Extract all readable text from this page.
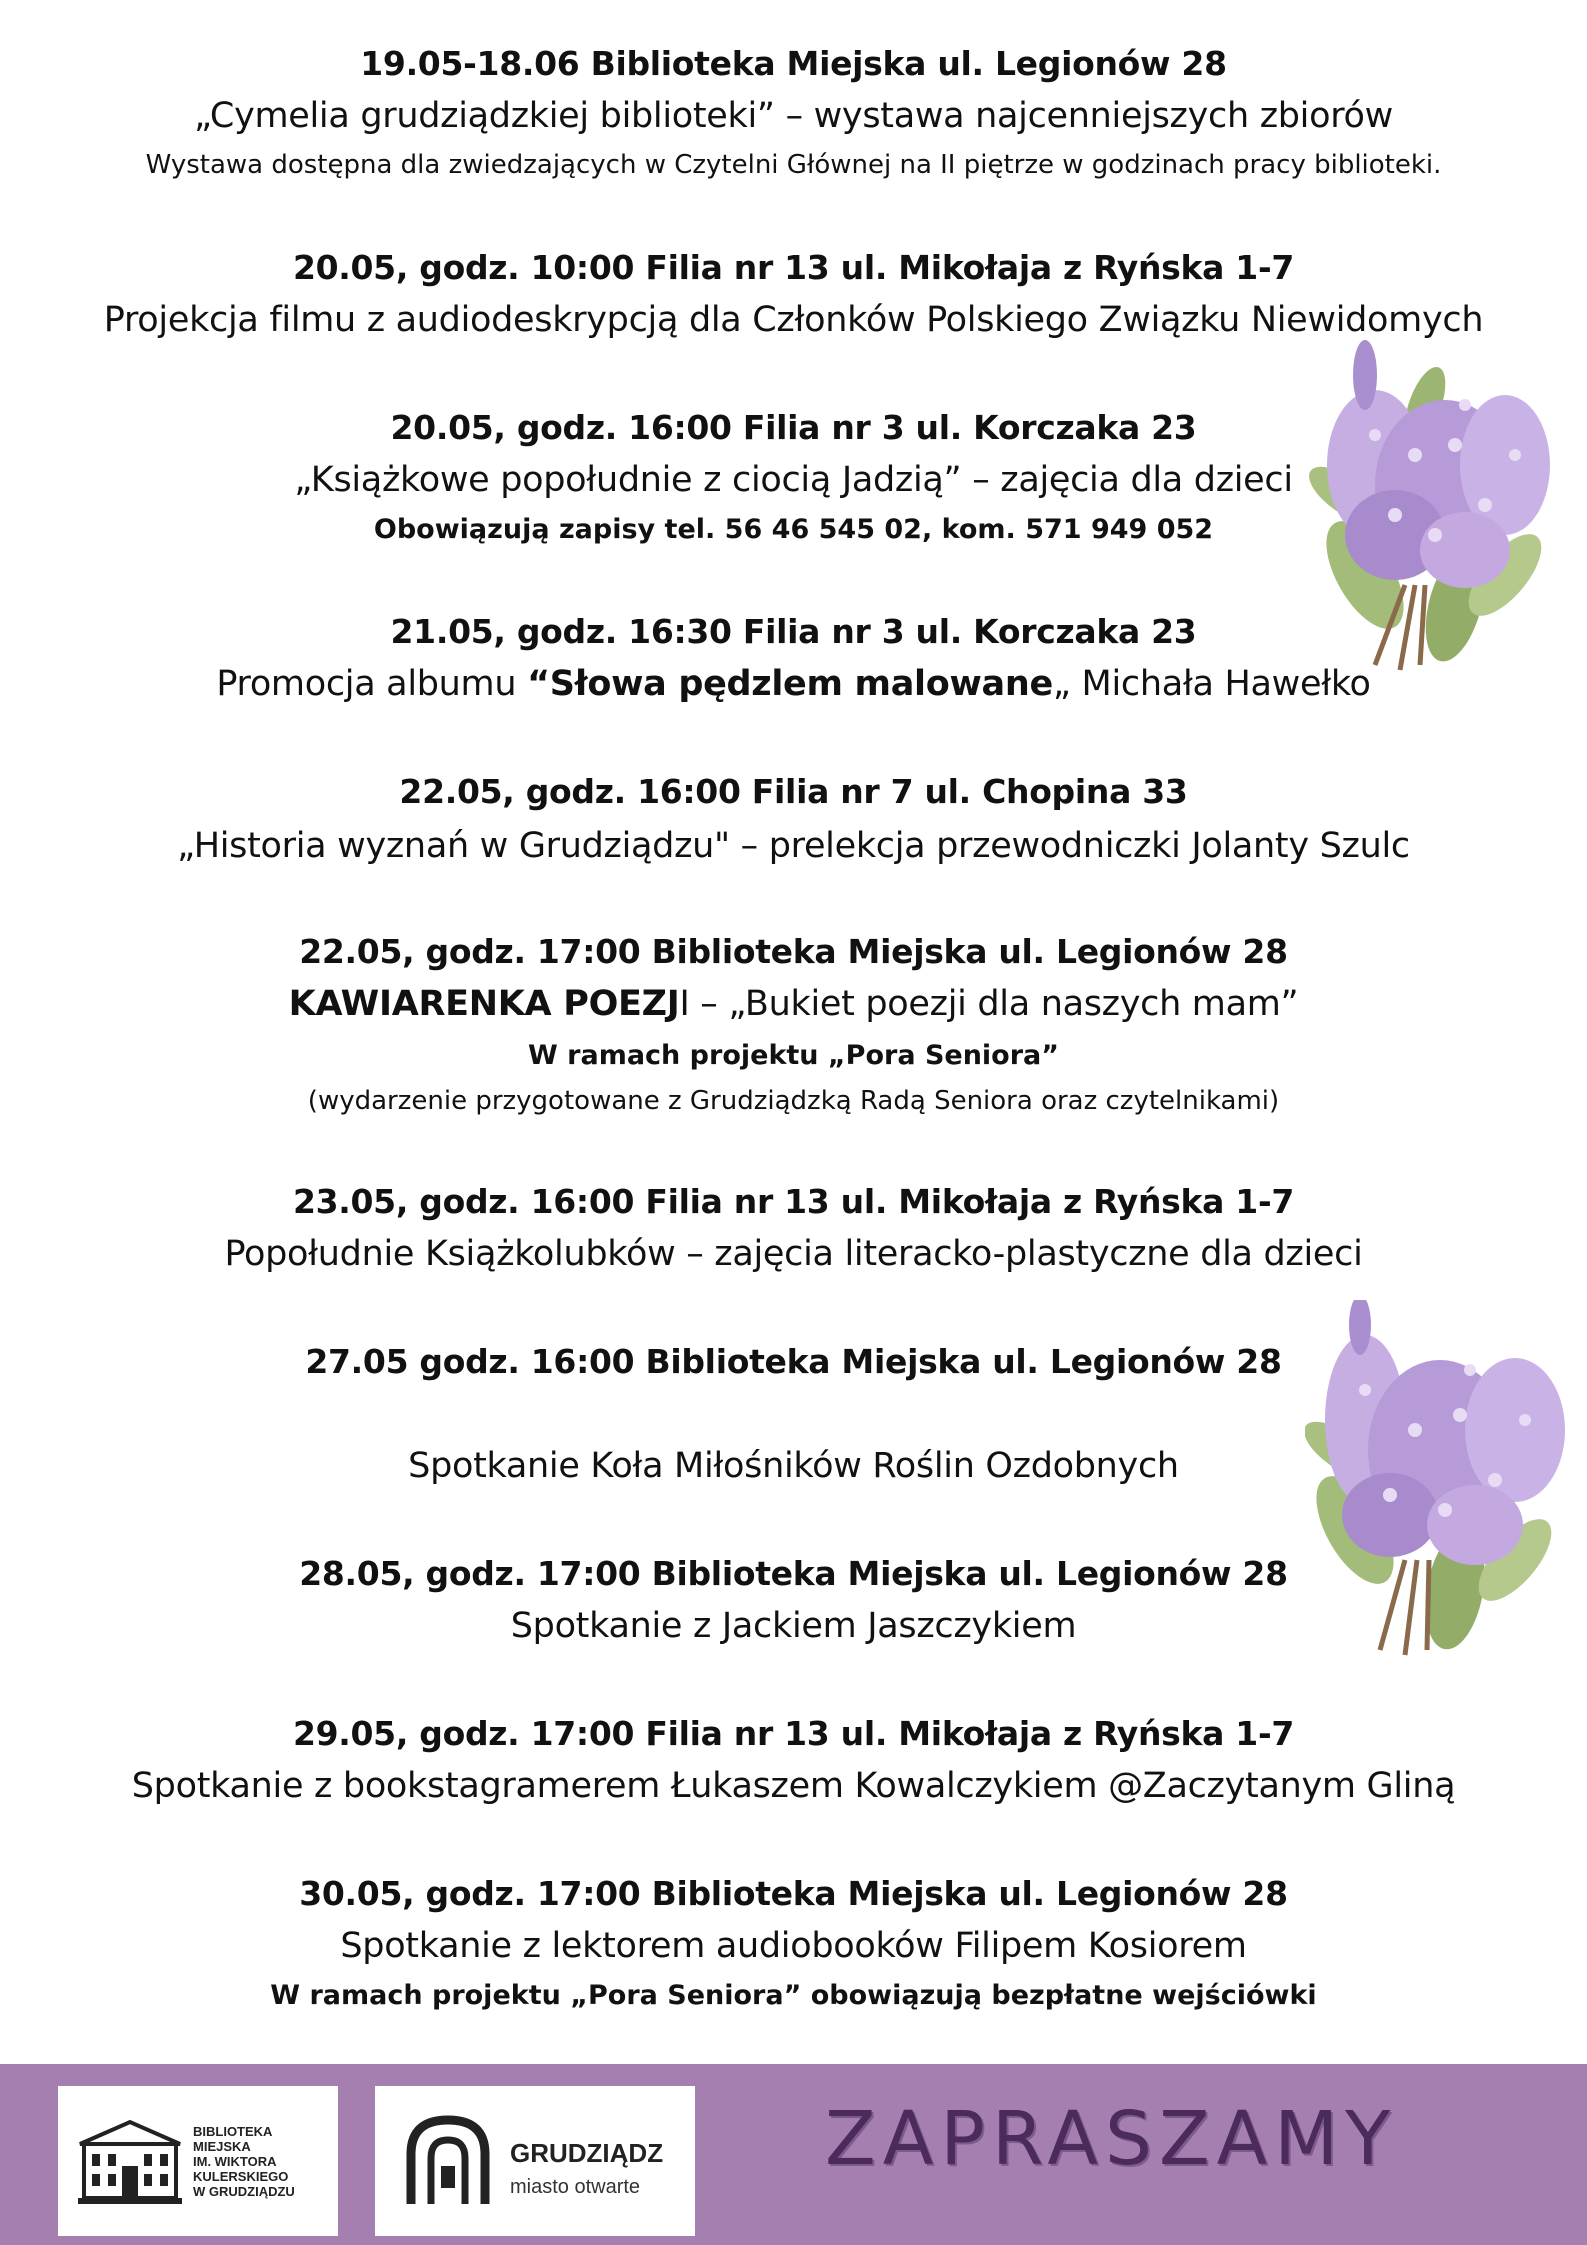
19.05-18.06 Biblioteka Miejska ul. Legionów 28
„Cymelia grudziądzkiej biblioteki” – wystawa najcenniejszych zbiorów
Wystawa dostępna dla zwiedzających w Czytelni Głównej na II piętrze w godzinach pracy biblioteki.
20.05, godz. 10:00 Filia nr 13 ul. Mikołaja z Ryńska 1-7
Projekcja filmu z audiodeskrypcją dla Członków Polskiego Związku Niewidomych
20.05, godz. 16:00 Filia nr 3 ul. Korczaka 23
„Książkowe popołudnie z ciocią Jadzią” – zajęcia dla dzieci
Obowiązują zapisy tel. 56 46 545 02, kom. 571 949 052
21.05, godz. 16:30 Filia nr 3 ul. Korczaka 23
Promocja albumu “Słowa pędzlem malowane„ Michała Hawełko
22.05, godz. 16:00 Filia nr 7 ul. Chopina 33
„Historia wyznań w Grudziądzu" – prelekcja przewodniczki Jolanty Szulc
22.05, godz. 17:00 Biblioteka Miejska ul. Legionów 28
KAWIARENKA POEZJI – „Bukiet poezji dla naszych mam”
W ramach projektu „Pora Seniora”
(wydarzenie przygotowane z Grudziądzką Radą Seniora oraz czytelnikami)
23.05, godz. 16:00 Filia nr 13 ul. Mikołaja z Ryńska 1-7
Popołudnie Książkolubków – zajęcia literacko-plastyczne dla dzieci
27.05 godz. 16:00 Biblioteka Miejska ul. Legionów 28
Spotkanie Koła Miłośników Roślin Ozdobnych
28.05, godz. 17:00 Biblioteka Miejska ul. Legionów 28
Spotkanie z Jackiem Jaszczykiem
29.05, godz. 17:00 Filia nr 13 ul. Mikołaja z Ryńska 1-7
Spotkanie z bookstagramerem Łukaszem Kowalczykiem @Zaczytanym Gliną
30.05, godz. 17:00 Biblioteka Miejska ul. Legionów 28
Spotkanie z lektorem audiobooków Filipem Kosiorem
W ramach projektu „Pora Seniora” obowiązują bezpłatne wejściówki
BIBLIOTEKA
MIEJSKA
IM. WIKTORA
KULERSKIEGO
W GRUDZIĄDZU
GRUDZIĄDZ
miasto otwarte
ZAPRASZAMY
